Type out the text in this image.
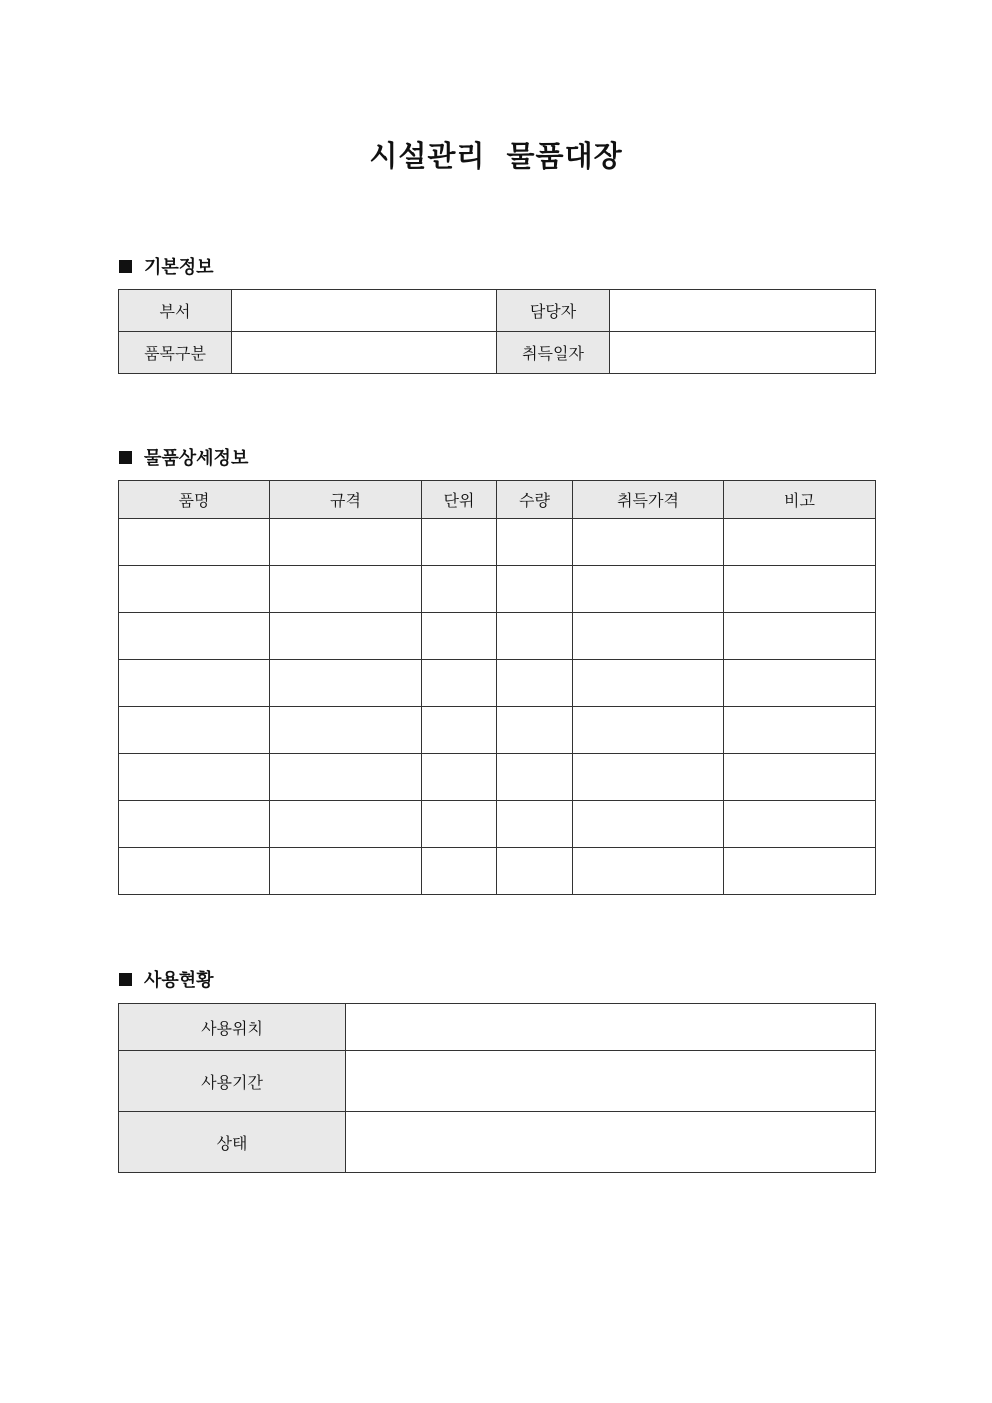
시설관리 물품대장
기본정보
부서		담당자	
품목구분		취득일자	
물품상세정보
품명	규격	단위	수량	취득가격	비고

사용현황
사용위치	
사용기간	
상태	
